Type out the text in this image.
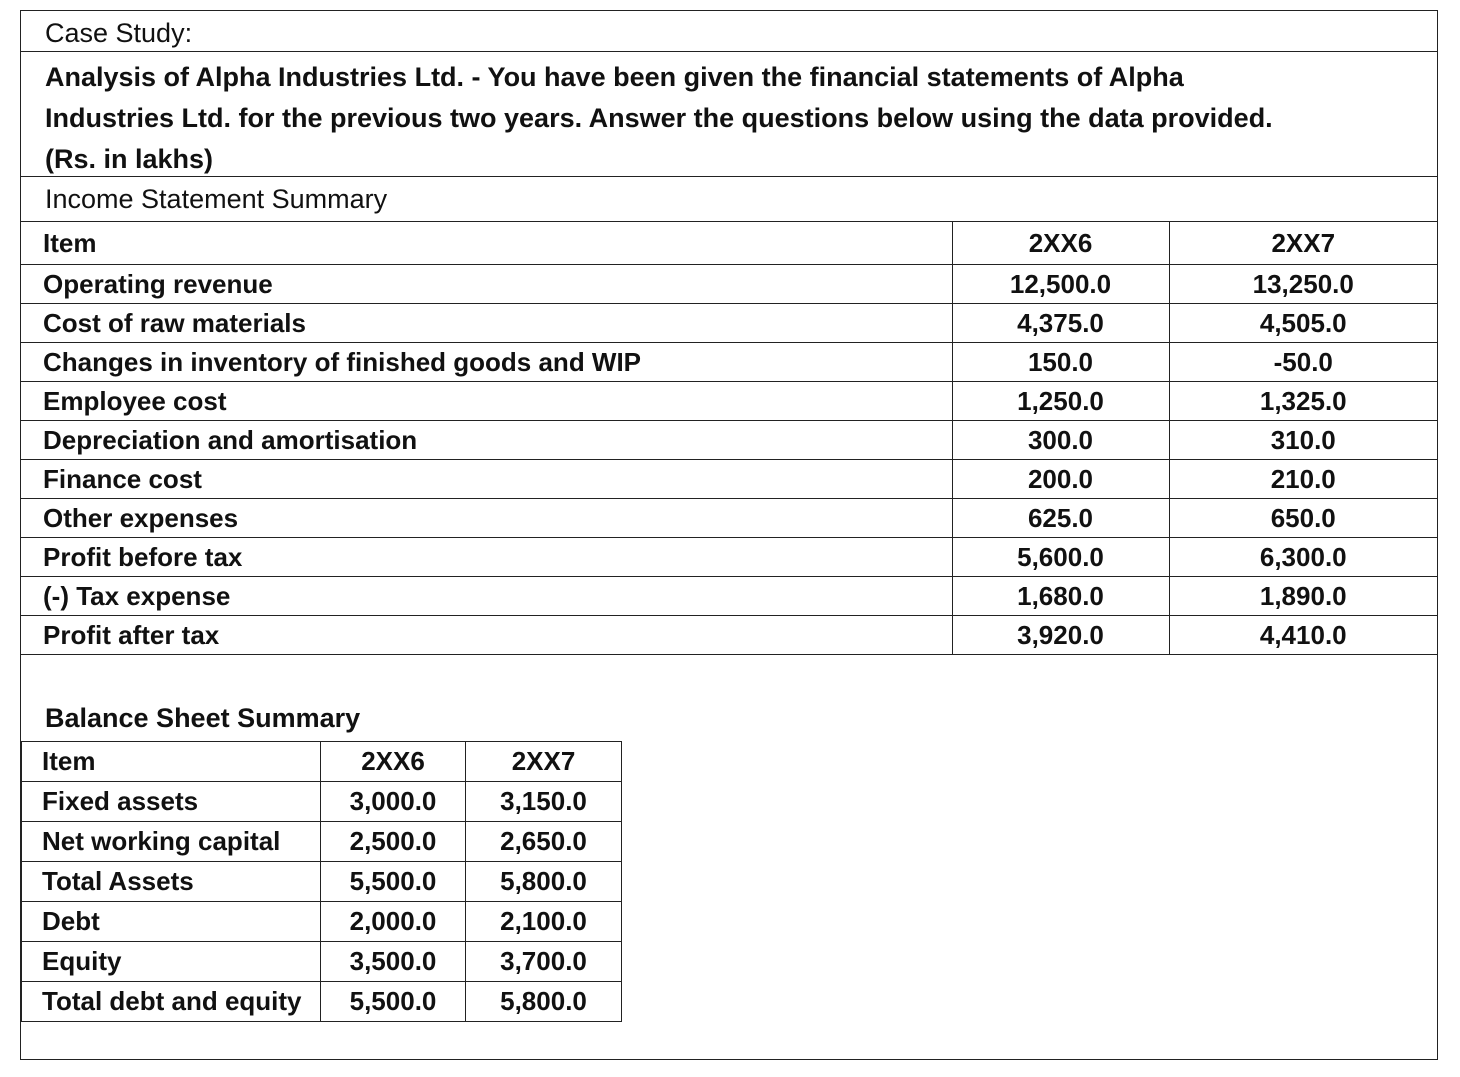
Case Study:
Analysis of Alpha Industries Ltd. - You have been given the financial statements of Alpha
Industries Ltd. for the previous two years. Answer the questions below using the data provided.
(Rs. in lakhs)
Income Statement Summary
Item	2XX6	2XX7
Operating revenue	12,500.0	13,250.0
Cost of raw materials	4,375.0	4,505.0
Changes in inventory of finished goods and WIP	150.0	-50.0
Employee cost	1,250.0	1,325.0
Depreciation and amortisation	300.0	310.0
Finance cost	200.0	210.0
Other expenses	625.0	650.0
Profit before tax	5,600.0	6,300.0
(-) Tax expense	1,680.0	1,890.0
Profit after tax	3,920.0	4,410.0
Balance Sheet Summary
Item	2XX6	2XX7
Fixed assets	3,000.0	3,150.0
Net working capital	2,500.0	2,650.0
Total Assets	5,500.0	5,800.0
Debt	2,000.0	2,100.0
Equity	3,500.0	3,700.0
Total debt and equity	5,500.0	5,800.0
